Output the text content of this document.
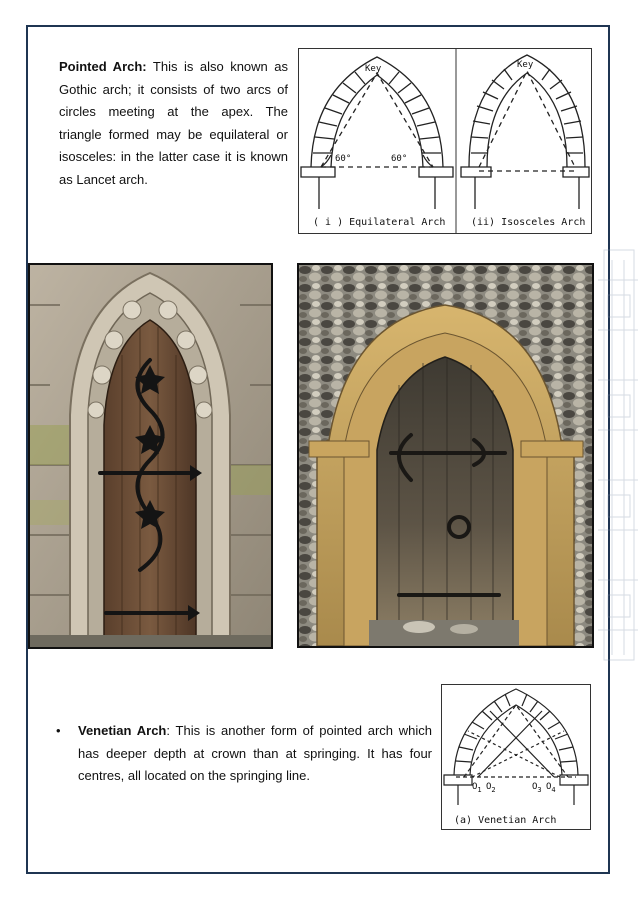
Pointed Arch: This is also known as Gothic arch; it consists of two arcs of circles meeting at the apex. The triangle formed may be equilateral or isosceles: in the latter case it is known as Lancet arch.
Key
60°	60°
( i ) Equilateral Arch
Key
(ii) Isosceles Arch
• Venetian Arch: This is another form of pointed arch which has deeper depth at crown than at springing. It has four centres, all located on the springing line.
$O_1$ $O_2$	$O_3$ $O_4$
(a) Venetian Arch
